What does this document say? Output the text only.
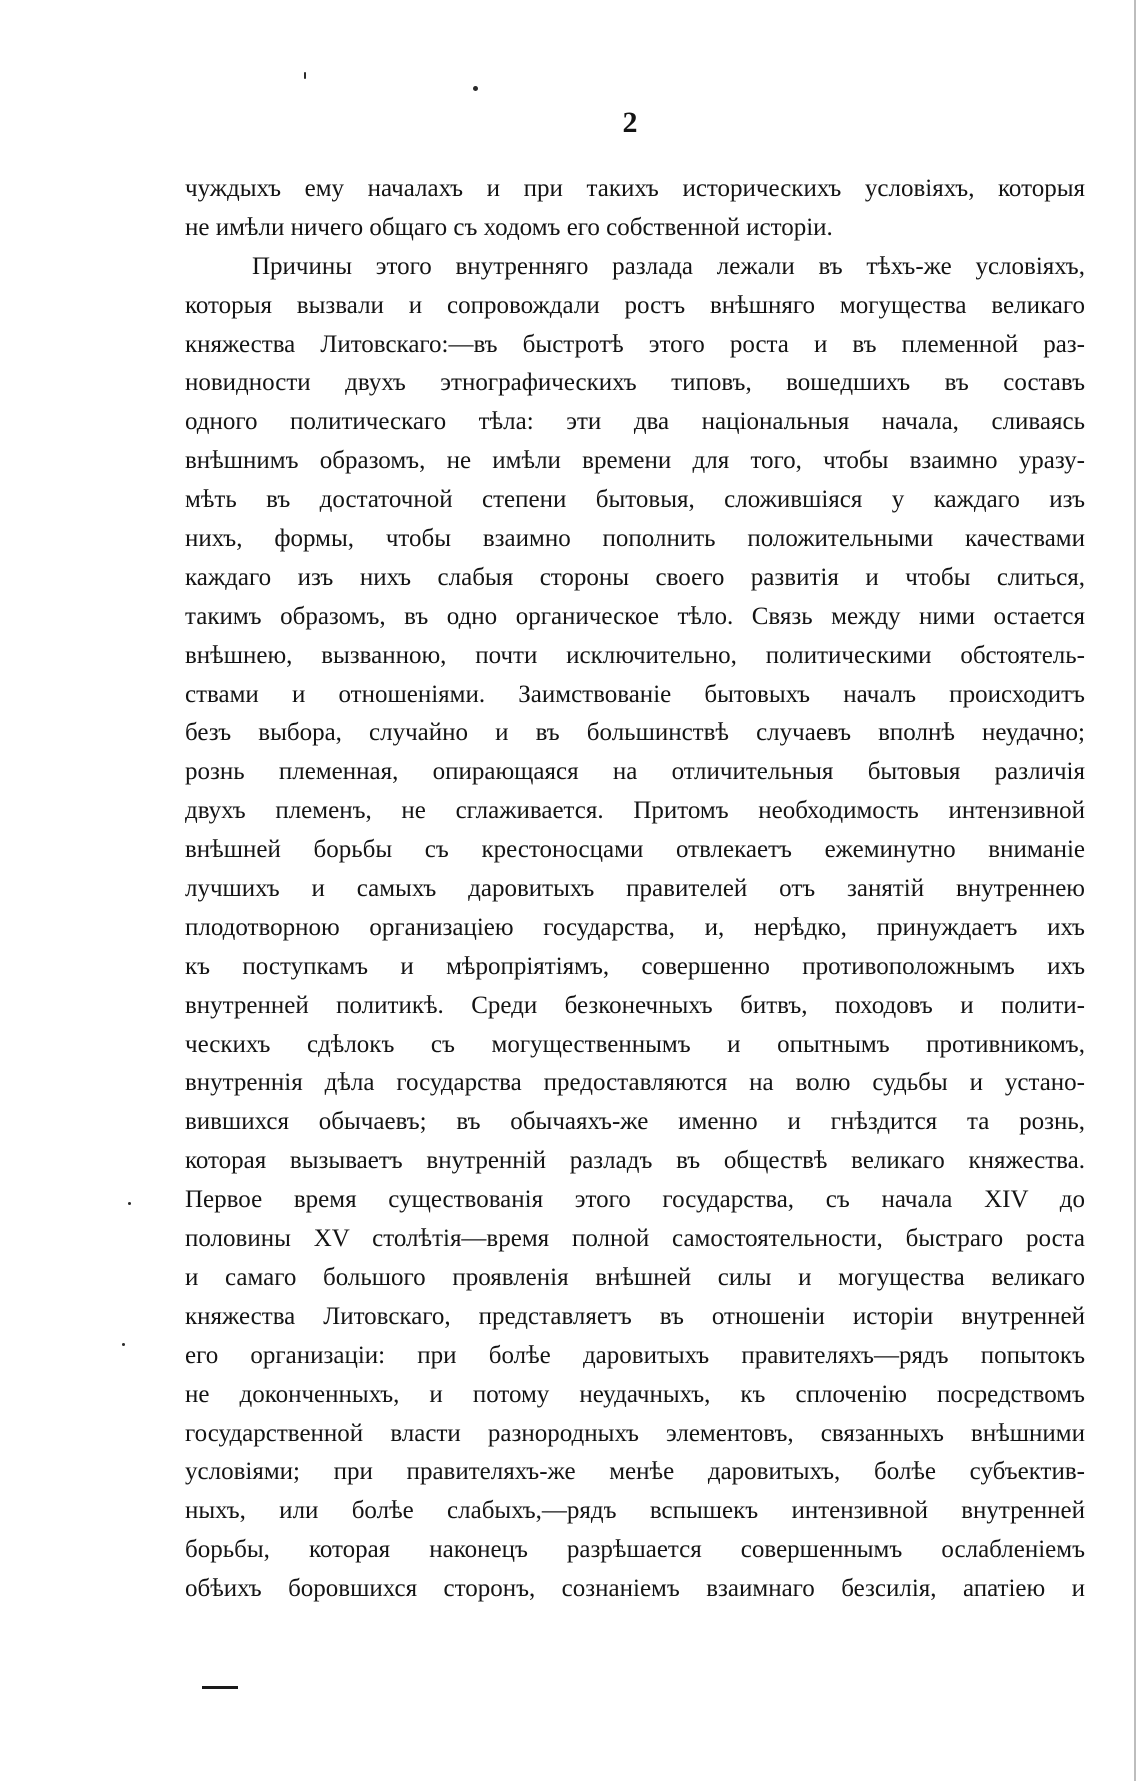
2
чуждыхъ ему началахъ и при такихъ историческихъ условiяхъ, которыя
не имѣли ничего общаго съ ходомъ его собственной исторiи.
Причины этого внутренняго разлада лежали въ тѣхъ-же условiяхъ,
которыя вызвали и сопровождали ростъ внѣшняго могущества великаго
княжества Литовскаго:—въ быстротѣ этого роста и въ племенной раз-
новидности двухъ этнографическихъ типовъ, вошедшихъ въ составъ
одного политическаго тѣла: эти два нацiональныя начала, сливаясь
внѣшнимъ образомъ, не имѣли времени для того, чтобы взаимно уразу-
мѣть въ достаточной степени бытовыя, сложившiяся у каждаго изъ
нихъ, формы, чтобы взаимно пополнить положительными качествами
каждаго изъ нихъ слабыя стороны своего развитiя и чтобы слиться,
такимъ образомъ, въ одно органическое тѣло. Связь между ними остается
внѣшнею, вызванною, почти исключительно, политическими обстоятель-
ствами и отношенiями. Заимствованiе бытовыхъ началъ происходитъ
безъ выбора, случайно и въ большинствѣ случаевъ вполнѣ неудачно;
рознь племенная, опирающаяся на отличительныя бытовыя различiя
двухъ племенъ, не сглаживается. Притомъ необходимость интензивной
внѣшней борьбы съ крестоносцами отвлекаетъ ежеминутно вниманiе
лучшихъ и самыхъ даровитыхъ правителей отъ занятiй внутреннею
плодотворною организацiею государства, и, нерѣдко, принуждаетъ ихъ
къ поступкамъ и мѣропрiятiямъ, совершенно противоположнымъ ихъ
внутренней политикѣ. Среди безконечныхъ битвъ, походовъ и полити-
ческихъ сдѣлокъ съ могущественнымъ и опытнымъ противникомъ,
внутреннiя дѣла государства предоставляются на волю судьбы и устано-
вившихся обычаевъ; въ обычаяхъ-же именно и гнѣздится та рознь,
которая вызываетъ внутреннiй разладъ въ обществѣ великаго княжества.
Первое время существованiя этого государства, съ начала XIV до
половины XV столѣтiя—время полной самостоятельности, быстраго роста
и самаго большого проявленiя внѣшней силы и могущества великаго
княжества Литовскаго, представляетъ въ отношенiи исторiи внутренней
его организацiи: при болѣе даровитыхъ правителяхъ—рядъ попытокъ
не доконченныхъ, и потому неудачныхъ, къ сплоченiю посредствомъ
государственной власти разнородныхъ элементовъ, связанныхъ внѣшними
условiями; при правителяхъ-же менѣе даровитыхъ, болѣе субъектив-
ныхъ, или болѣе слабыхъ,—рядъ вспышекъ интензивной внутренней
борьбы, которая наконецъ разрѣшается совершеннымъ ослабленiемъ
обѣихъ боровшихся сторонъ, сознанiемъ взаимнаго безсилiя, апатiею и
